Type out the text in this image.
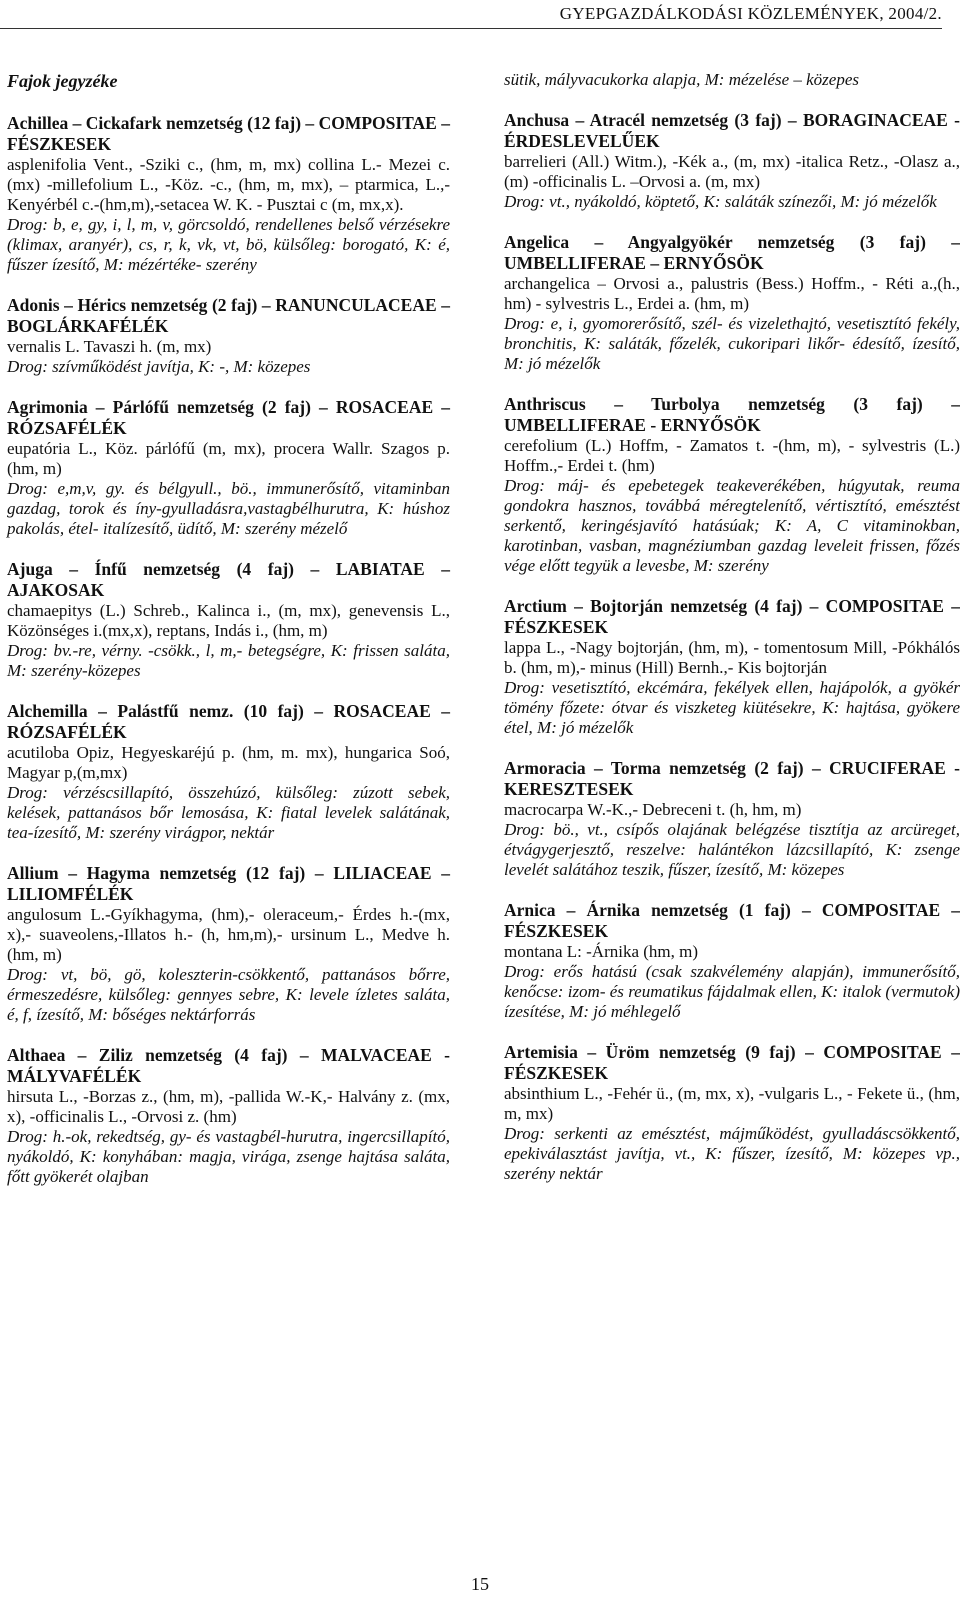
GYEPGAZDÁLKODÁSI KÖZLEMÉNYEK, 2004/2.
Fajok jegyzéke
Achillea – Cickafark nemzetség (12 faj) – COMPOSITAE – FÉSZKESEK
asplenifolia Vent., -Sziki c., (hm, m, mx) collina L.- Mezei c. (mx) -millefolium L., -Köz. -c., (hm, m, mx), – ptarmica, L.,-Kenyérbél c.-(hm,m),-setacea W. K. - Pusztai c (m, mx,x).
Drog: b, e, gy, i, l, m, v, görcsoldó, rendellenes belső vérzésekre (klimax, aranyér), cs, r, k, vk, vt, bö, külsőleg: borogató, K: é, fűszer ízesítő, M: mézértéke- szerény
Adonis – Hérics nemzetség (2 faj) – RANUNCULACEAE –BOGLÁRKAFÉLÉK
vernalis L. Tavaszi h. (m, mx)
Drog: szívműködést javítja, K: -, M: közepes
Agrimonia – Párlófű nemzetség (2 faj) – ROSACEAE – RÓZSAFÉLÉK
eupatória L., Köz. párlófű (m, mx), procera Wallr. Szagos p. (hm, m)
Drog: e,m,v, gy. és bélgyull., bö., immunerősítő, vitaminban gazdag, torok és íny-gyulladásra,vastagbélhurutra, K: húshoz pakolás, étel- italízesítő, üdítő, M: szerény mézelő
Ajuga – Ínfű nemzetség (4 faj) – LABIATAE – AJAKOSAK
chamaepitys (L.) Schreb., Kalinca i., (m, mx), genevensis L., Közönséges i.(mx,x), reptans, Indás i., (hm, m)
Drog: bv.-re, vérny. -csökk., l, m,- betegségre, K: frissen saláta, M: szerény-közepes
Alchemilla – Palástfű nemz. (10 faj) – ROSACEAE – RÓZSAFÉLÉK
acutiloba Opiz, Hegyeskaréjú p. (hm, m. mx), hungarica Soó, Magyar p,(m,mx)
Drog: vérzéscsillapító, összehúzó, külsőleg: zúzott sebek, kelések, pattanásos bőr lemosása, K: fiatal levelek salátának, tea-ízesítő, M: szerény virágpor, nektár
Allium – Hagyma nemzetség (12 faj) – LILIACEAE – LILIOMFÉLÉK
angulosum L.-Gyíkhagyma, (hm),- oleraceum,- Érdes h.-(mx, x),- suaveolens,-Illatos h.- (h, hm,m),- ursinum L., Medve h. (hm, m)
Drog: vt, bö, gö, koleszterin-csökkentő, pattanásos bőrre, érmeszedésre, külsőleg: gennyes sebre, K: levele ízletes saláta, é, f, ízesítő, M: bőséges nektárforrás
Althaea – Ziliz nemzetség (4 faj) – MALVACEAE - MÁLYVAFÉLÉK
hirsuta L., -Borzas z., (hm, m), -pallida W.-K,- Halvány z. (mx, x), -officinalis L., -Orvosi z. (hm)
Drog: h.-ok, rekedtség, gy- és vastagbél-hurutra, ingercsillapító, nyákoldó, K: konyhában: magja, virága, zsenge hajtása saláta, főtt gyökerét olajban
sütik, mályvacukorka alapja, M: mézelése – közepes
Anchusa – Atracél nemzetség (3 faj) – BORAGINACEAE - ÉRDESLEVELŰEK
barrelieri (All.) Witm.), -Kék a., (m, mx) -italica Retz., -Olasz a., (m) -officinalis L. –Orvosi a. (m, mx)
Drog: vt., nyákoldó, köptető, K: saláták színezői, M: jó mézelők
Angelica – Angyalgyökér nemzetség (3 faj) – UMBELLIFERAE – ERNYŐSÖK
archangelica – Orvosi a., palustris (Bess.) Hoffm., - Réti a.,(h., hm) - sylvestris L., Erdei a. (hm, m)
Drog: e, i, gyomorerősítő, szél- és vizelethajtó, vesetisztító fekély, bronchitis, K: saláták, főzelék, cukoripari likőr- édesítő, ízesítő, M: jó mézelők
Anthriscus – Turbolya nemzetség (3 faj) – UMBELLIFERAE - ERNYŐSÖK
cerefolium (L.) Hoffm, - Zamatos t. -(hm, m), - sylvestris (L.) Hoffm.,- Erdei t. (hm)
Drog: máj- és epebetegek teakeverékében, húgyutak, reuma gondokra hasznos, továbbá méregtelenítő, vértisztító, emésztést serkentő, keringésjavító hatásúak; K: A, C vitaminokban, karotinban, vasban, magnéziumban gazdag leveleit frissen, főzés vége előtt tegyük a levesbe, M: szerény
Arctium – Bojtorján nemzetség (4 faj) – COMPOSITAE – FÉSZKESEK
lappa L., -Nagy bojtorján, (hm, m), - tomentosum Mill, -Pókhálós b. (hm, m),- minus (Hill) Bernh.,- Kis bojtorján
Drog: vesetisztító, ekcémára, fekélyek ellen, hajápolók, a gyökér tömény főzete: ótvar és viszketeg kiütésekre, K: hajtása, gyökere étel, M: jó mézelők
Armoracia – Torma nemzetség (2 faj) – CRUCIFERAE - KERESZTESEK
macrocarpa W.-K.,- Debreceni t. (h, hm, m)
Drog: bö., vt., csípős olajának belégzése tisztítja az arcüreget, étvágygerjesztő, reszelve: halántékon lázcsillapító, K: zsenge levelét salátához teszik, fűszer, ízesítő, M: közepes
Arnica – Árnika nemzetség (1 faj) – COMPOSITAE – FÉSZKESEK
montana L: -Árnika (hm, m)
Drog: erős hatású (csak szakvélemény alapján), immunerősítő, kenőcse: izom- és reumatikus fájdalmak ellen, K: italok (vermutok) ízesítése, M: jó méhlegelő
Artemisia – Üröm nemzetség (9 faj) – COMPOSITAE – FÉSZKESEK
absinthium L., -Fehér ü., (m, mx, x), -vulgaris L., - Fekete ü., (hm, m, mx)
Drog: serkenti az emésztést, májműködést, gyulladáscsökkentő, epekiválasztást javítja, vt., K: fűszer, ízesítő, M: közepes vp., szerény nektár
15
